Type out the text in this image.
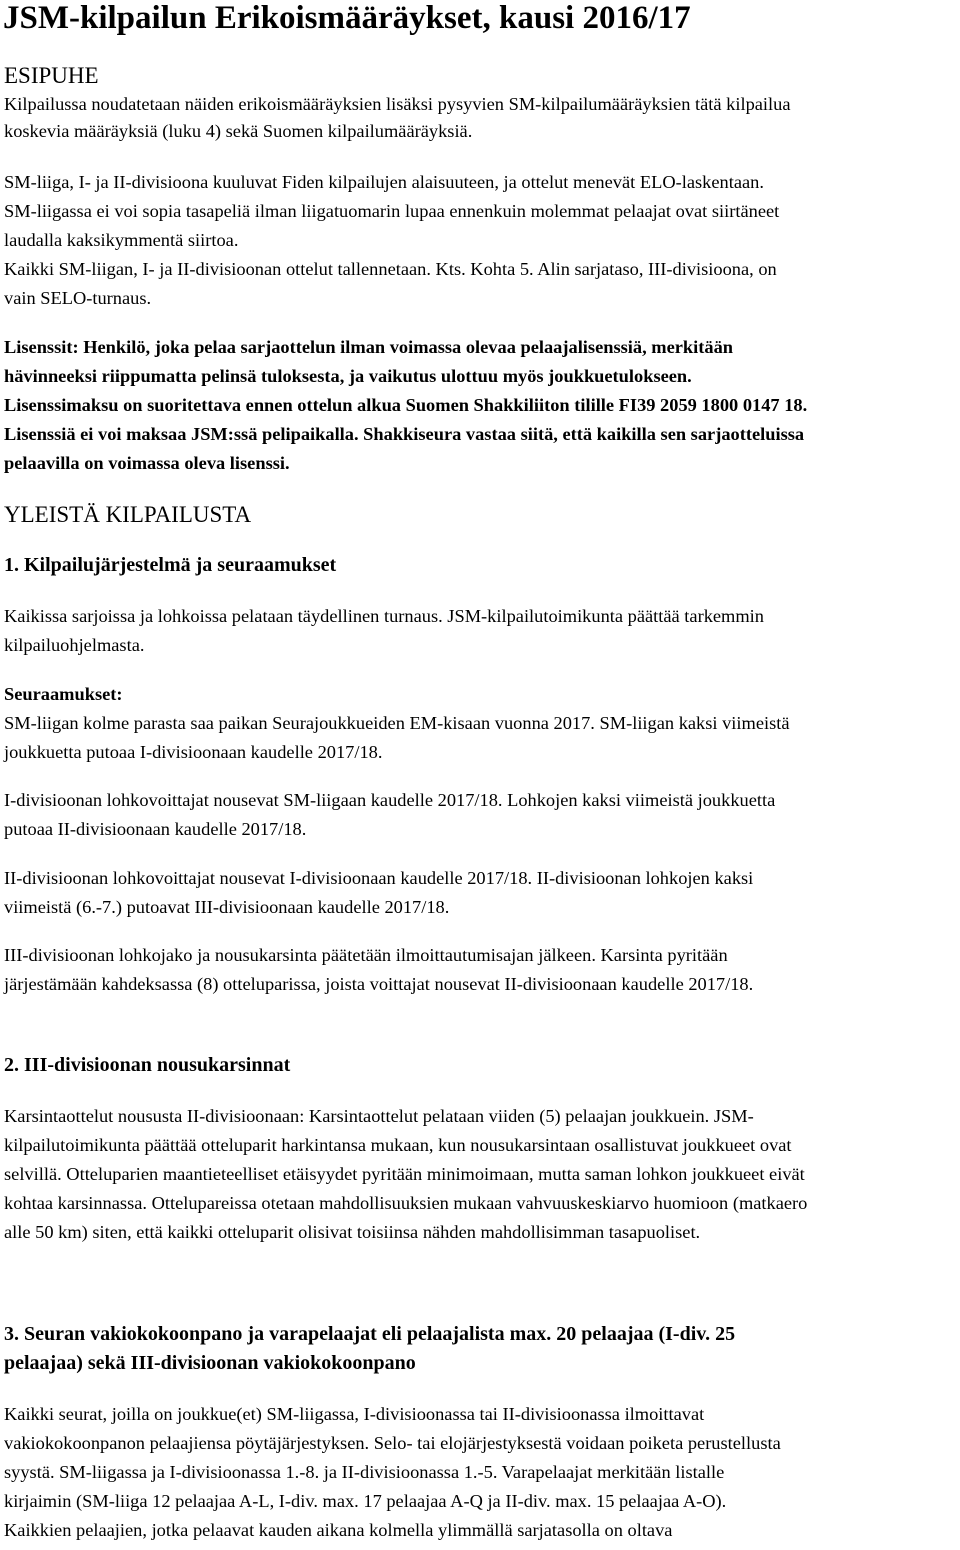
JSM-kilpailun Erikoismääräykset, kausi 2016/17
ESIPUHE

Kilpailussa noudatetaan näiden erikoismääräyksien lisäksi pysyvien SM-kilpailumääräyksien tätä kilpailua

koskevia määräyksiä (luku 4) sekä Suomen kilpailumääräyksiä.

SM-liiga, I- ja II-divisioona kuuluvat Fiden kilpailujen alaisuuteen, ja ottelut menevät ELO-laskentaan.

SM-liigassa ei voi sopia tasapeliä ilman liigatuomarin lupaa ennenkuin molemmat pelaajat ovat siirtäneet

laudalla kaksikymmentä siirtoa.

Kaikki SM-liigan, I- ja II-divisioonan ottelut tallennetaan. Kts. Kohta 5. Alin sarjataso, III-divisioona, on

vain SELO-turnaus.

Lisenssit: Henkilö, joka pelaa sarjaottelun ilman voimassa olevaa pelaajalisenssiä, merkitään

hävinneeksi riippumatta pelinsä tuloksesta, ja vaikutus ulottuu myös joukkuetulokseen.

Lisenssimaksu on suoritettava ennen ottelun alkua Suomen Shakkiliiton tilille FI39 2059 1800 0147 18.

Lisenssiä ei voi maksaa JSM:ssä pelipaikalla. Shakkiseura vastaa siitä, että kaikilla sen sarjaotteluissa

pelaavilla on voimassa oleva lisenssi.

YLEISTÄ KILPAILUSTA
1. Kilpailujärjestelmä ja seuraamukset

Kaikissa sarjoissa ja lohkoissa pelataan täydellinen turnaus. JSM-kilpailutoimikunta päättää tarkemmin

kilpailuohjelmasta.

Seuraamukset:

SM-liigan kolme parasta saa paikan Seurajoukkueiden EM-kisaan vuonna 2017. SM-liigan kaksi viimeistä

joukkuetta putoaa I-divisioonaan kaudelle 2017/18.

I-divisioonan lohkovoittajat nousevat SM-liigaan kaudelle 2017/18. Lohkojen kaksi viimeistä joukkuetta

putoaa II-divisioonaan kaudelle 2017/18.

II-divisioonan lohkovoittajat nousevat I-divisioonaan kaudelle 2017/18. II-divisioonan lohkojen kaksi

viimeistä (6.-7.) putoavat III-divisioonaan kaudelle 2017/18.

III-divisioonan lohkojako ja nousukarsinta päätetään ilmoittautumisajan jälkeen. Karsinta pyritään

järjestämään kahdeksassa (8) otteluparissa, joista voittajat nousevat II-divisioonaan kaudelle 2017/18.

2. III-divisioonan nousukarsinnat

Karsintaottelut noususta II-divisioonaan: Karsintaottelut pelataan viiden (5) pelaajan joukkuein. JSM-

kilpailutoimikunta päättää otteluparit harkintansa mukaan, kun nousukarsintaan osallistuvat joukkueet ovat

selvillä. Otteluparien maantieteelliset etäisyydet pyritään minimoimaan, mutta saman lohkon joukkueet eivät

kohtaa karsinnassa. Ottelupareissa otetaan mahdollisuuksien mukaan vahvuuskeskiarvo huomioon (matkaero

alle 50 km) siten, että kaikki otteluparit olisivat toisiinsa nähden mahdollisimman tasapuoliset.

3. Seuran vakiokokoonpano ja varapelaajat eli pelaajalista max. 20 pelaajaa (I-div. 25
pelaajaa) sekä III-divisioonan vakiokokoonpano

Kaikki seurat, joilla on joukkue(et) SM-liigassa, I-divisioonassa tai II-divisioonassa ilmoittavat

vakiokokoonpanon pelaajiensa pöytäjärjestyksen. Selo- tai elojärjestyksestä voidaan poiketa perustellusta

syystä. SM-liigassa ja I-divisioonassa 1.-8. ja II-divisioonassa 1.-5. Varapelaajat merkitään listalle

kirjaimin (SM-liiga 12 pelaajaa A-L, I-div. max. 17 pelaajaa A-Q ja II-div. max. 15 pelaajaa A-O).

Kaikkien pelaajien, jotka pelaavat kauden aikana kolmella ylimmällä sarjatasolla on oltava
